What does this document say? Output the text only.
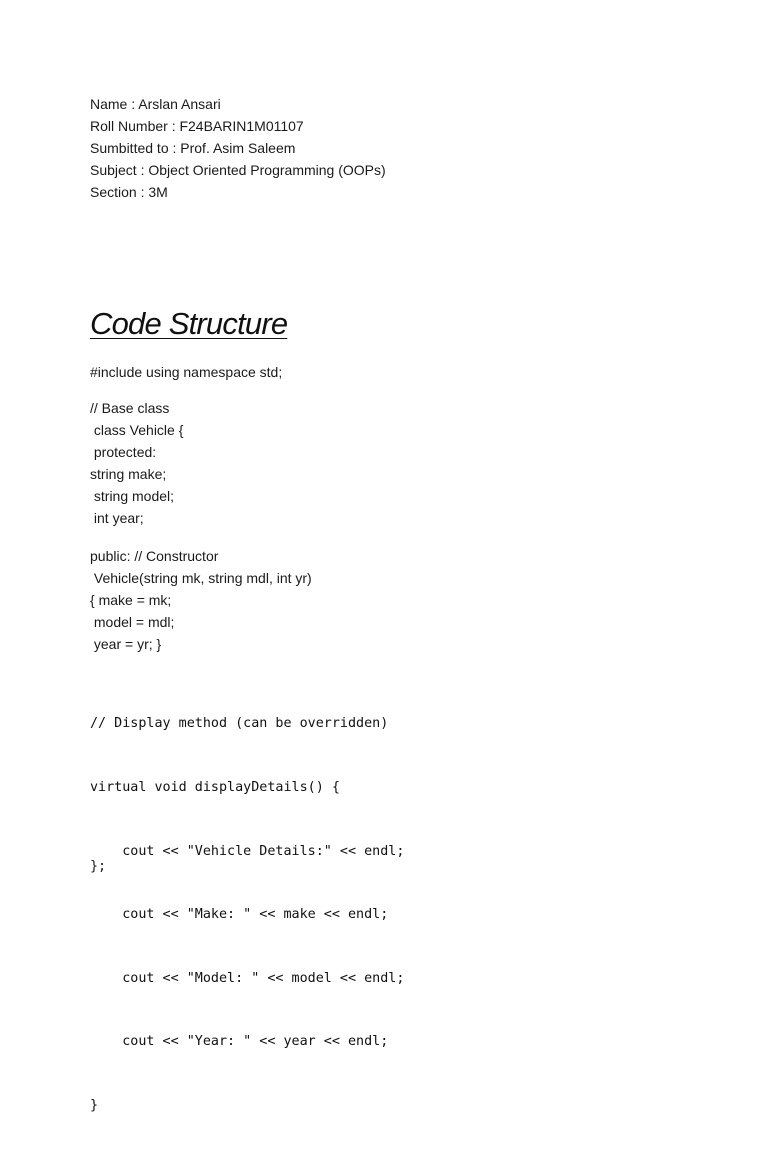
Name : Arslan Ansari
Roll Number : F24BARIN1M01107
Sumbitted to : Prof. Asim Saleem
Subject : Object Oriented Programming (OOPs)
Section : 3M
Code Structure
#include using namespace std;
// Base class
class Vehicle {
protected:
string make;
string model;
int year;
public: // Constructor
Vehicle(string mk, string mdl, int yr)
{ make = mk;
model = mdl;
year = yr; }

// Display method (can be overridden)

virtual void displayDetails() {

cout << "Vehicle Details:" << endl;

cout << "Make: " << make << endl;

cout << "Model: " << model << endl;

cout << "Year: " << year << endl;

}

};
